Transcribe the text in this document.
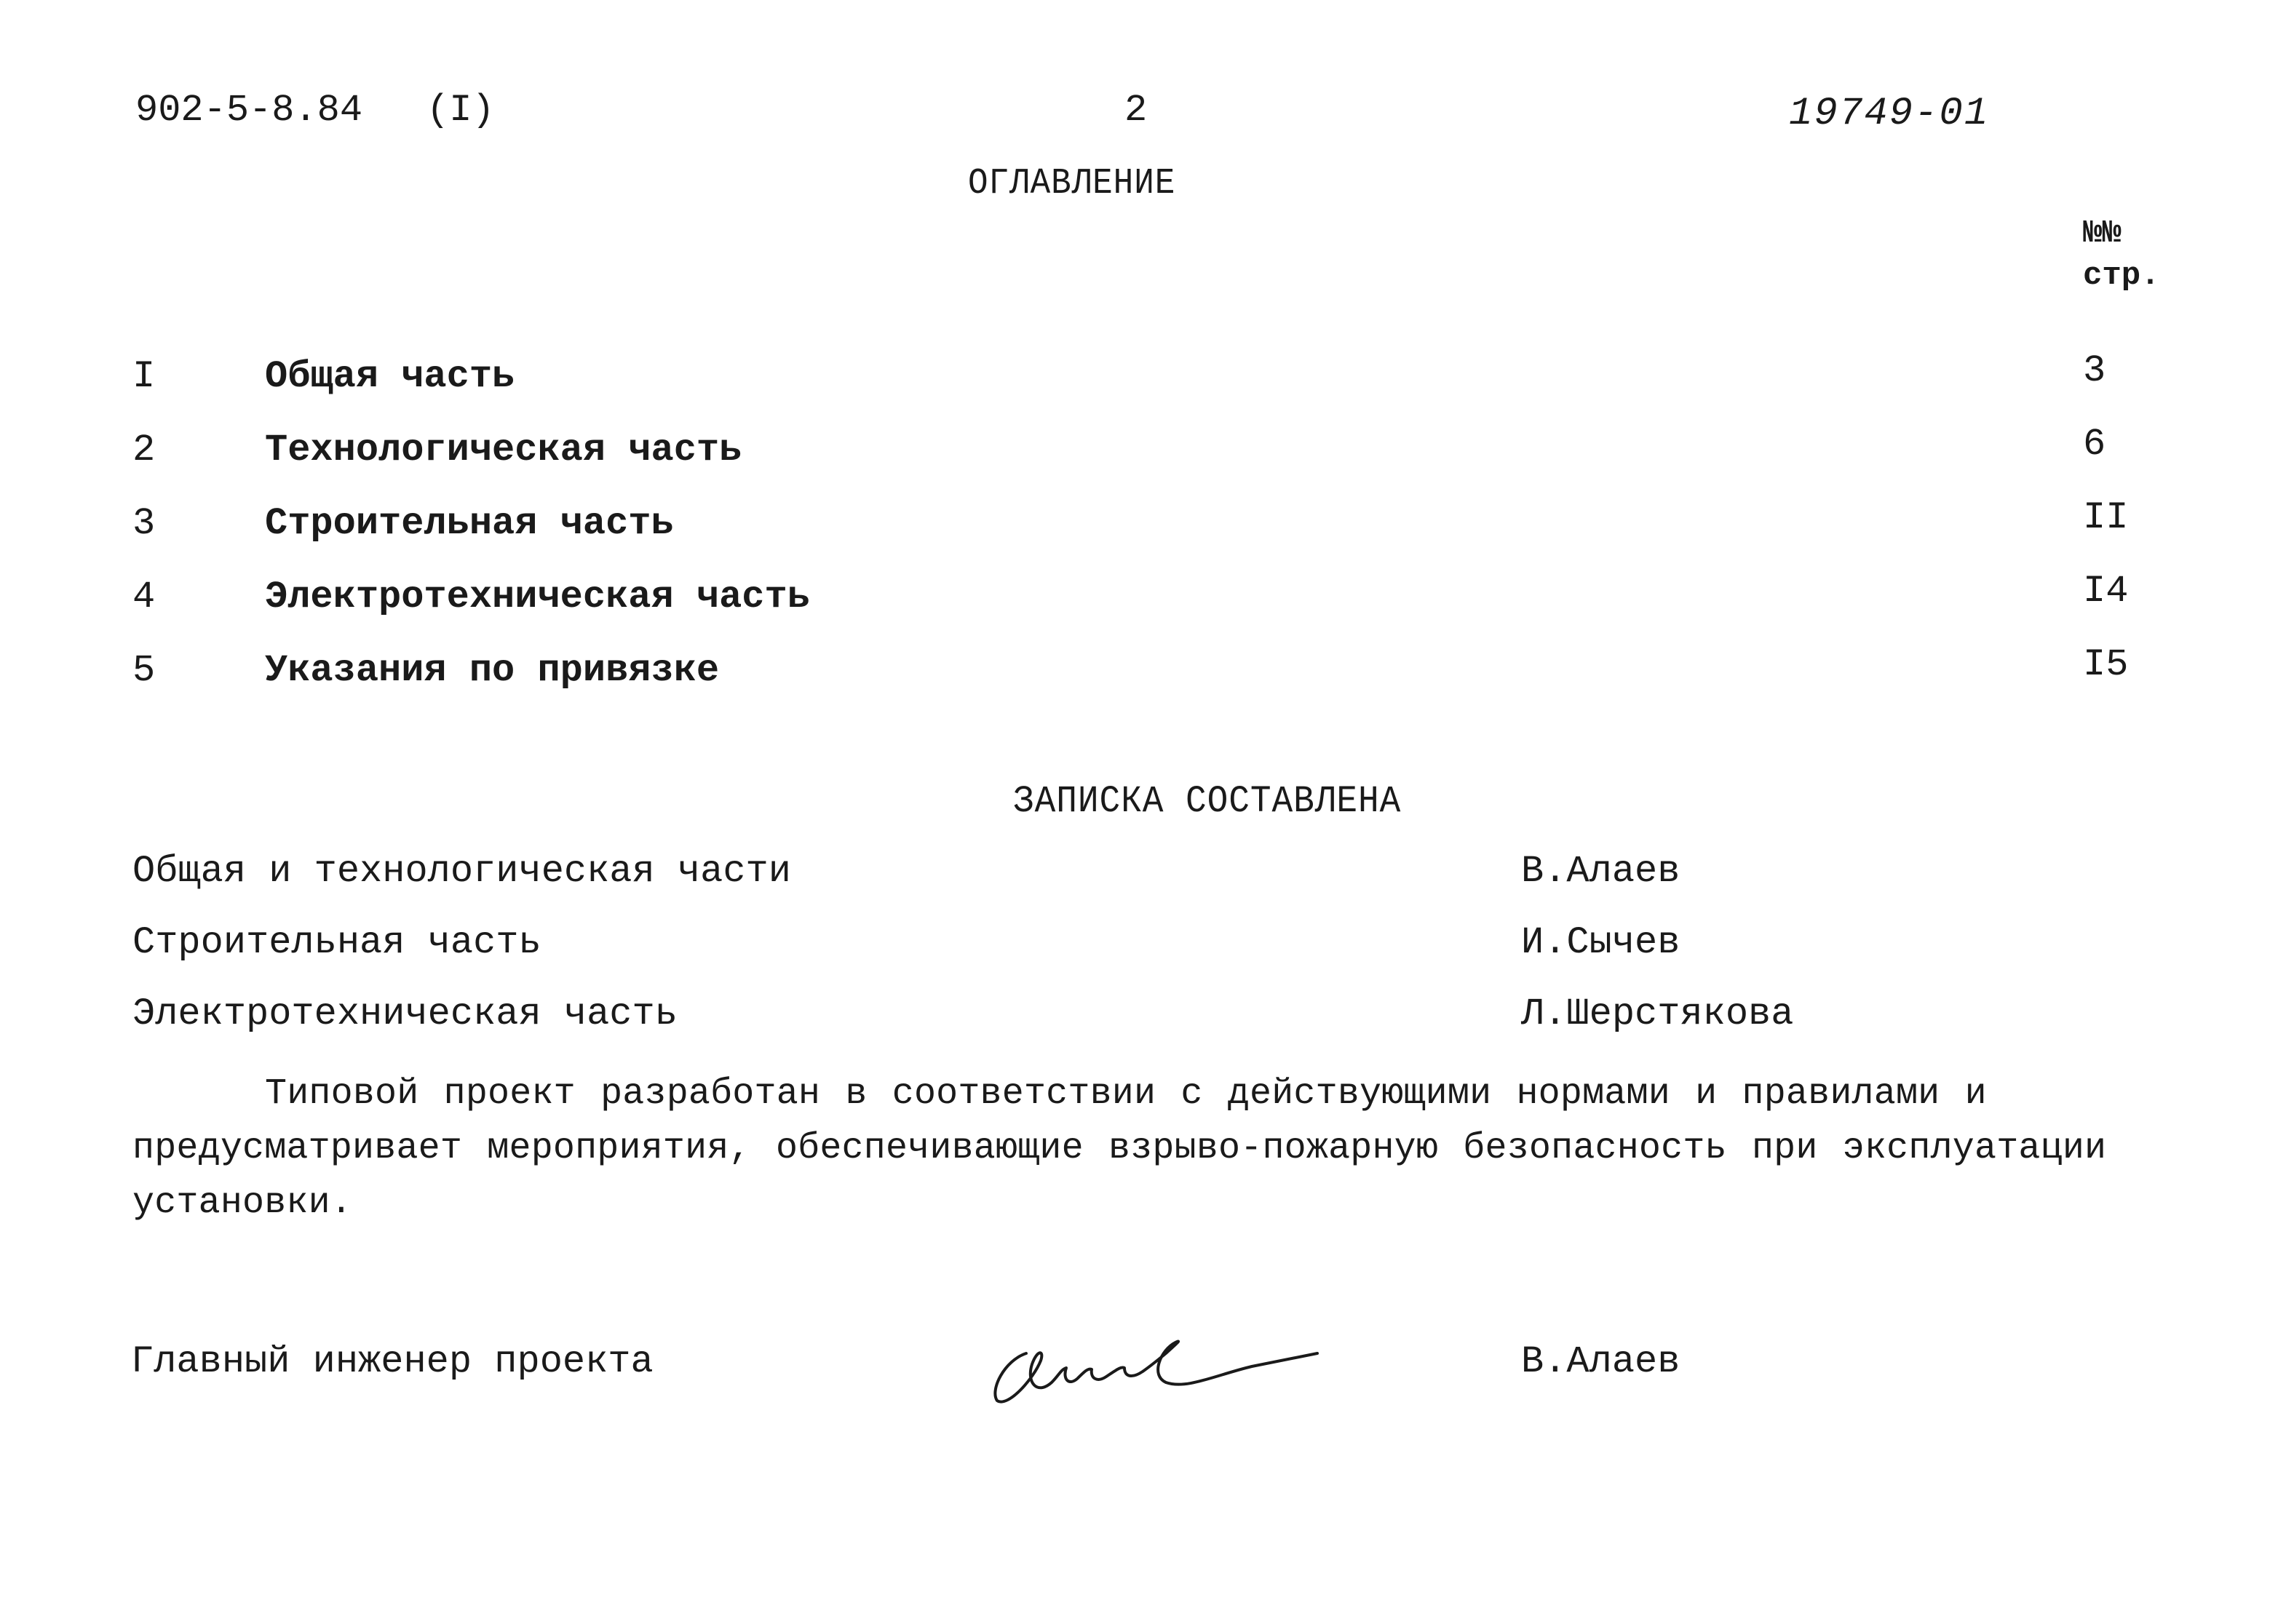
902-5-8.84 (I)	2	19749-01
ОГЛАВЛЕНИЕ
№№
стр.
I	Общая часть	3
2	Технологическая часть	6
3	Строительная часть	II
4	Электротехническая часть	I4
5	Указания по привязке	I5
ЗАПИСКА СОСТАВЛЕНА
Общая и технологическая части	В.Алаев
Строительная часть	И.Сычев
Электротехническая часть	Л.Шерстякова
Типовой проект разработан в соответствии с действующими нормами и правилами и предусматривает мероприятия, обеспечивающие взрыво-пожарную безопасность при эксплуатации установки.
Главный инженер проекта	В.Алаев
